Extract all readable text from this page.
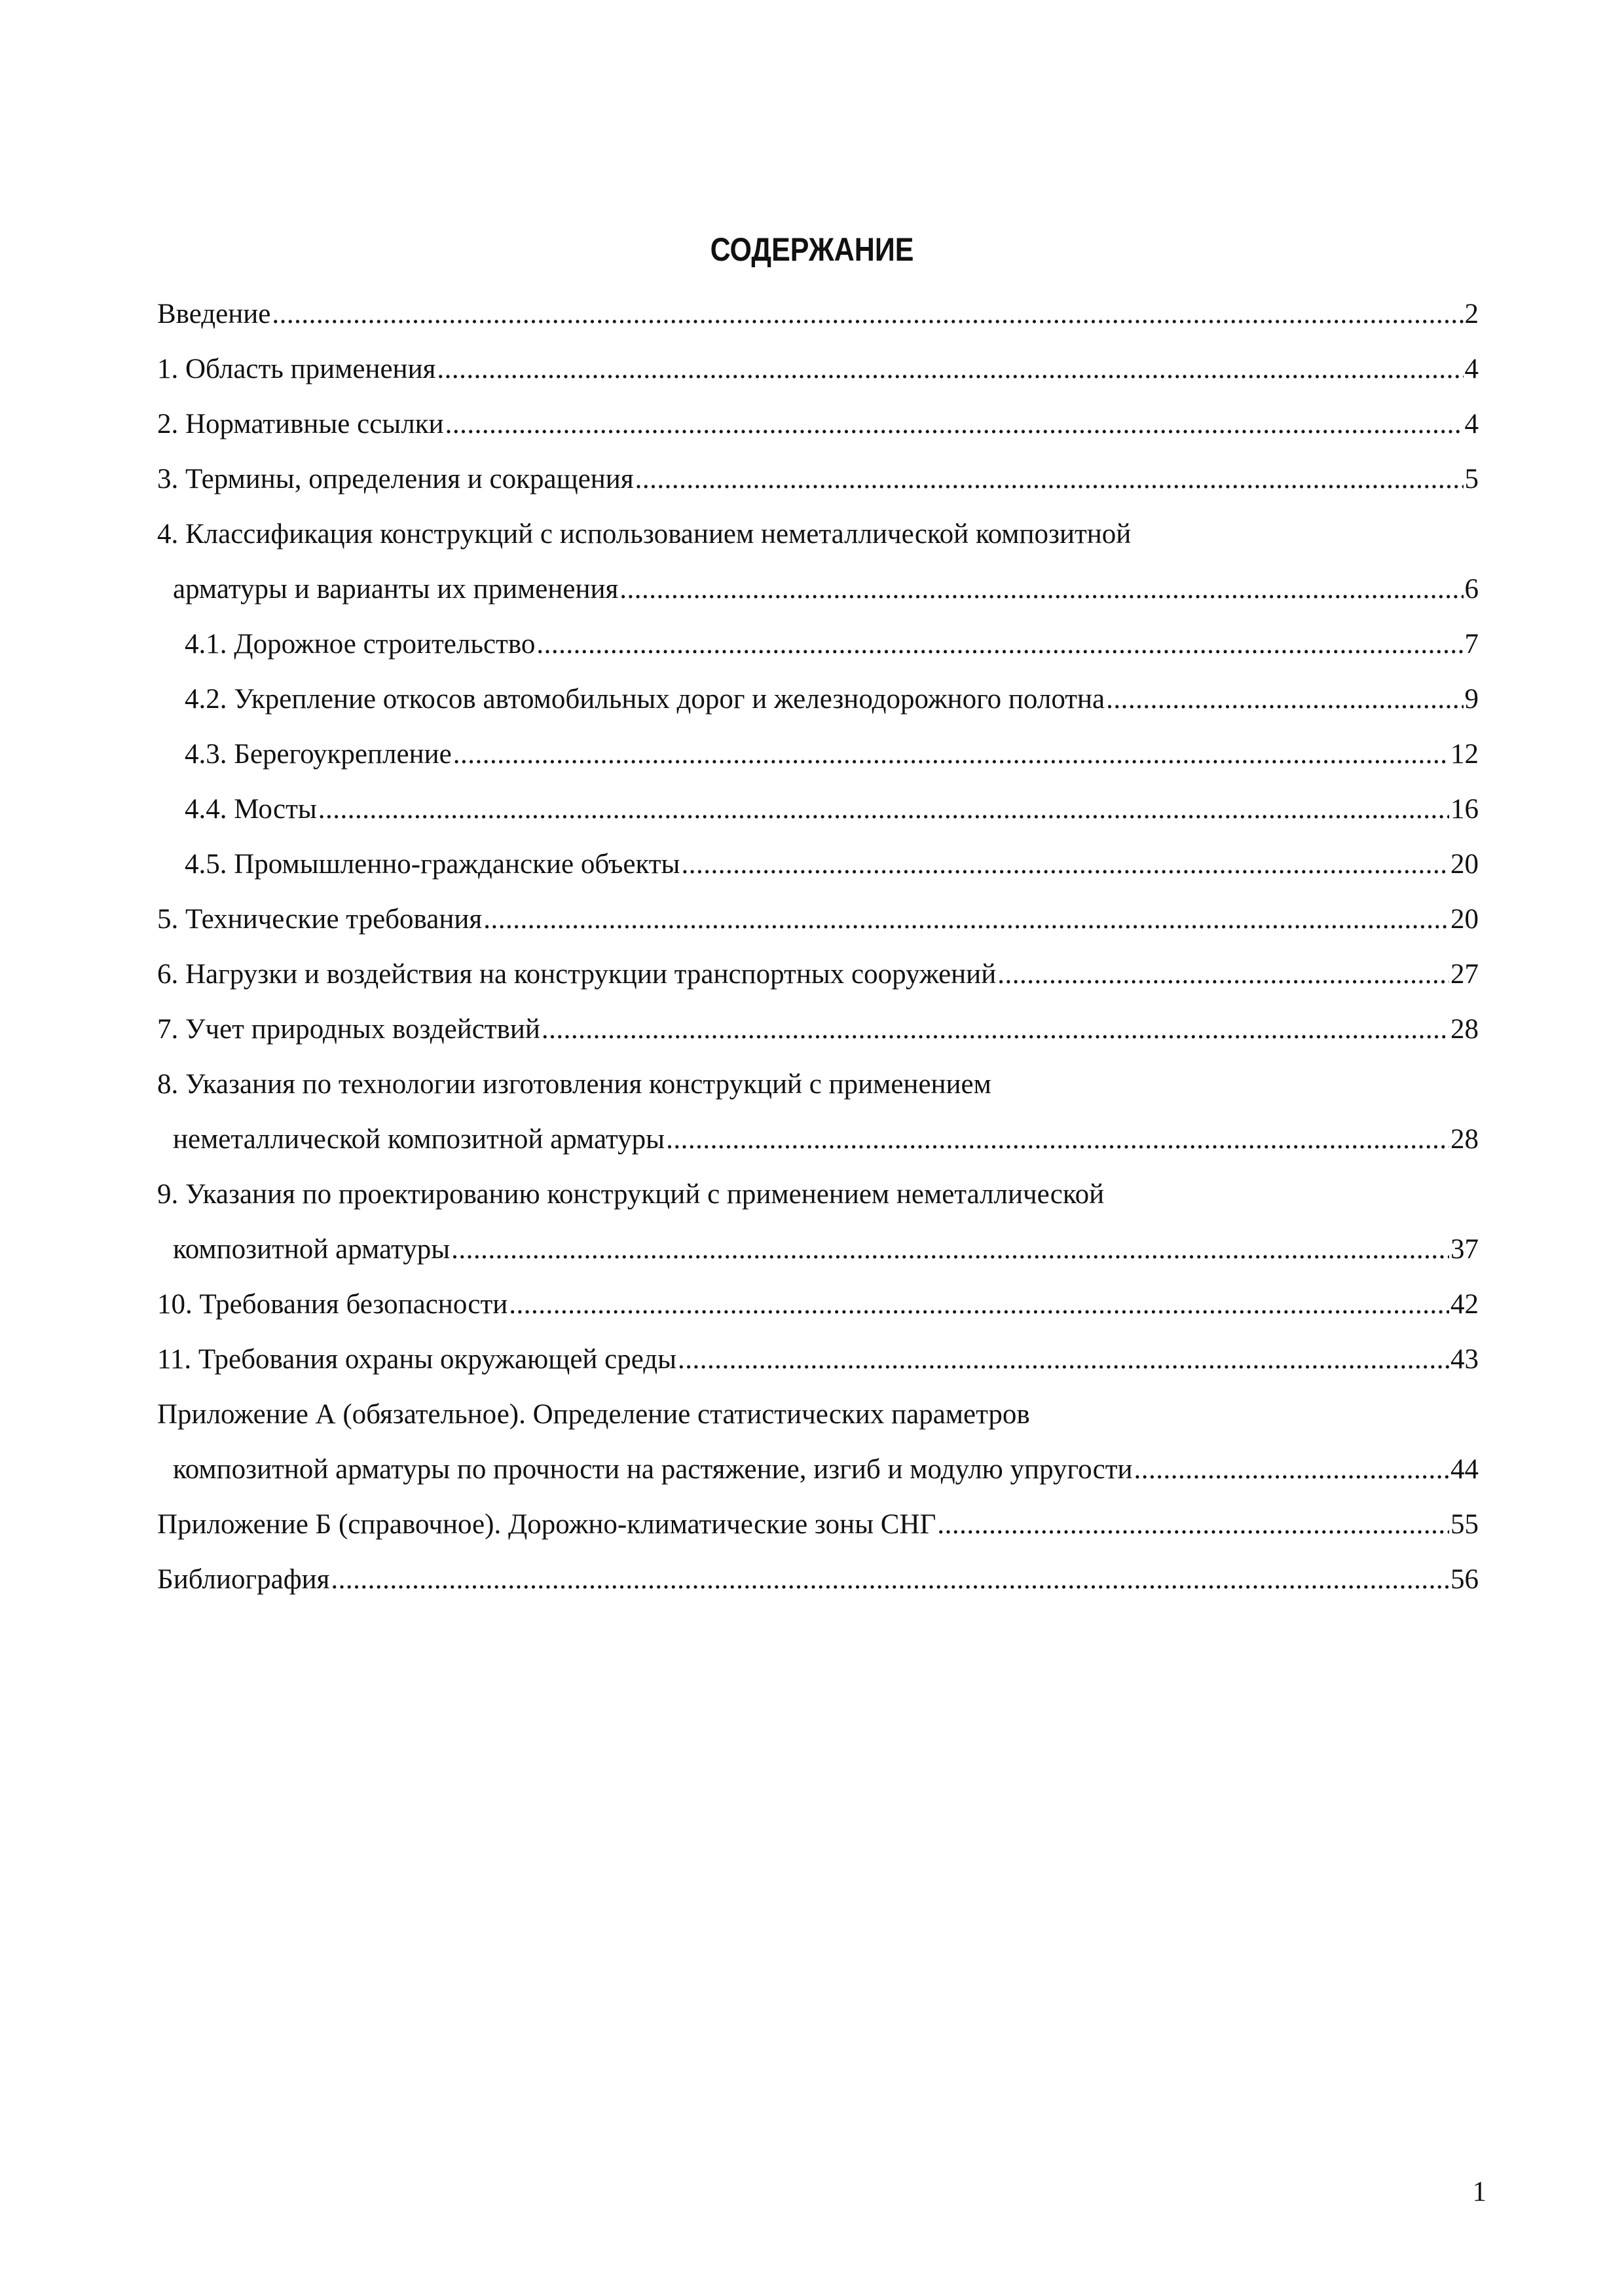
СОДЕРЖАНИЕ
Введение .....	2
1. Область применения .....	4
2. Нормативные ссылки .....	4
3. Термины, определения и сокращения .....	5
4. Классификация конструкций с использованием неметаллической композитной
арматуры и варианты их применения .....	6
4.1. Дорожное строительство .....	7
4.2. Укрепление откосов автомобильных дорог и железнодорожного полотна .....	9
4.3. Берегоукрепление .....	12
4.4. Мосты .....	16
4.5. Промышленно-гражданские объекты .....	20
5. Технические требования .....	20
6. Нагрузки и воздействия на конструкции транспортных сооружений .....	27
7. Учет природных воздействий .....	28
8. Указания по технологии изготовления конструкций с применением
неметаллической композитной арматуры .....	28
9. Указания по проектированию конструкций с применением неметаллической
композитной арматуры .....	37
10. Требования безопасности .....	42
11. Требования охраны окружающей среды .....	43
Приложение А (обязательное). Определение статистических параметров
композитной арматуры по прочности на растяжение, изгиб и модулю упругости .....	44
Приложение Б (справочное). Дорожно-климатические зоны СНГ .....	55
Библиография .....	56
1
